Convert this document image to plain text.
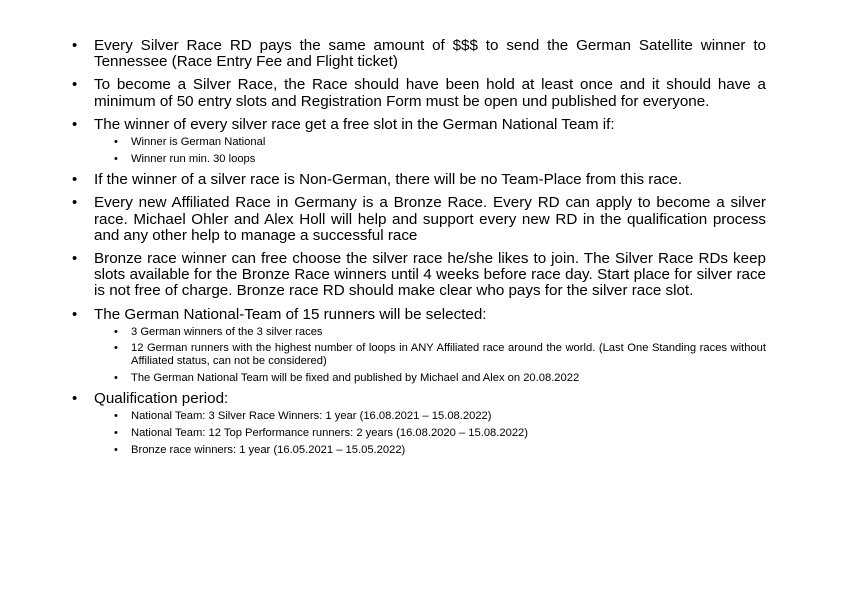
• Every Silver Race RD pays the same amount of $$$ to send the German Satellite winner to Tennessee (Race Entry Fee and Flight ticket)
• To become a Silver Race, the Race should have been hold at least once and it should have a minimum of 50 entry slots and Registration Form must be open und published for everyone.
• The winner of every silver race get a free slot in the German National Team if:
• Winner is German National
• Winner run min. 30 loops
• If the winner of a silver race is Non-German, there will be no Team-Place from this race.
• Every new Affiliated Race in Germany is a Bronze Race. Every RD can apply to become a silver race. Michael Ohler and Alex Holl will help and support every new RD in the qualification process and any other help to manage a successful race
• Bronze race winner can free choose the silver race he/she likes to join. The Silver Race RDs keep slots available for the Bronze Race winners until 4 weeks before race day. Start place for silver race is not free of charge. Bronze race RD should make clear who pays for the silver race slot.
• The German National-Team of 15 runners will be selected:
• 3 German winners of the 3 silver races
• 12 German runners with the highest number of loops in ANY Affiliated race around the world. (Last One Standing races without Affiliated status, can not be considered)
• The German National Team will be fixed and published by Michael and Alex on 20.08.2022
• Qualification period:
• National Team: 3 Silver Race Winners: 1 year (16.08.2021 – 15.08.2022)
• National Team: 12 Top Performance runners: 2 years (16.08.2020 – 15.08.2022)
• Bronze race winners: 1 year (16.05.2021 – 15.05.2022)
